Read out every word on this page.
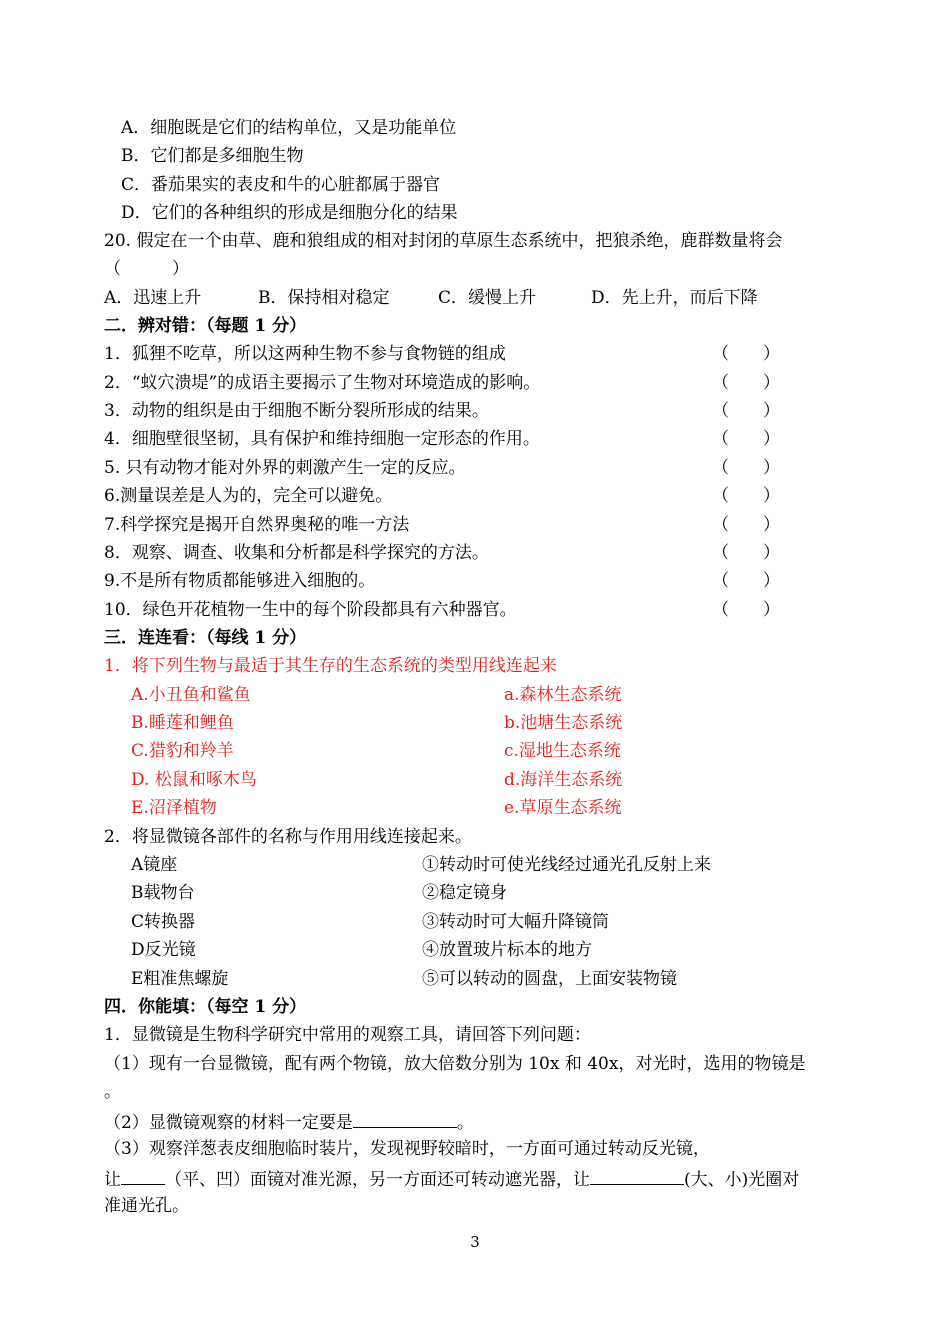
A．细胞既是它们的结构单位，又是功能单位
B．它们都是多细胞生物
C．番茄果实的表皮和牛的心脏都属于器官
D．它们的各种组织的形成是细胞分化的结果
20. 假定在一个由草、鹿和狼组成的相对封闭的草原生态系统中，把狼杀绝，鹿群数量将会
（　　　）
A．迅速上升	B．保持相对稳定	C．缓慢上升	D．先上升，而后下降
二．辨对错：（每题 1 分）
1．狐狸不吃草，所以这两种生物不参与食物链的组成	（　　）
2．“蚁穴溃堤”的成语主要揭示了生物对环境造成的影响。	（　　）
3．动物的组织是由于细胞不断分裂所形成的结果。	（　　）
4．细胞壁很坚韧，具有保护和维持细胞一定形态的作用。	（　　）
5. 只有动物才能对外界的刺激产生一定的反应。	（　　）
6.测量误差是人为的，完全可以避免。	（　　）
7.科学探究是揭开自然界奥秘的唯一方法	（　　）
8．观察、调查、收集和分析都是科学探究的方法。	（　　）
9.不是所有物质都能够进入细胞的。	（　　）
10．绿色开花植物一生中的每个阶段都具有六种器官。	（　　）
三．连连看：（每线 1 分）
1．将下列生物与最适于其生存的生态系统的类型用线连起来
A.小丑鱼和鲨鱼	a.森林生态系统
B.睡莲和鲤鱼	b.池塘生态系统
C.猎豹和羚羊	c.湿地生态系统
D. 松鼠和啄木鸟	d.海洋生态系统
E.沼泽植物	e.草原生态系统
2．将显微镜各部件的名称与作用用线连接起来。
A镜座	①转动时可使光线经过通光孔反射上来
B载物台	②稳定镜身
C转换器	③转动时可大幅升降镜筒
D反光镜	④放置玻片标本的地方
E粗准焦螺旋	⑤可以转动的圆盘，上面安装物镜
四．你能填：（每空 1 分）
1．显微镜是生物科学研究中常用的观察工具，请回答下列问题：
（1）现有一台显微镜，配有两个物镜，放大倍数分别为 10x 和 40x，对光时，选用的物镜是
。
（2）显微镜观察的材料一定要是	。
（3）观察洋葱表皮细胞临时装片，发现视野较暗时，一方面可通过转动反光镜，
让	（平、凹）面镜对准光源，另一方面还可转动遮光器，让	(大、小)光圈对
准通光孔。
3
